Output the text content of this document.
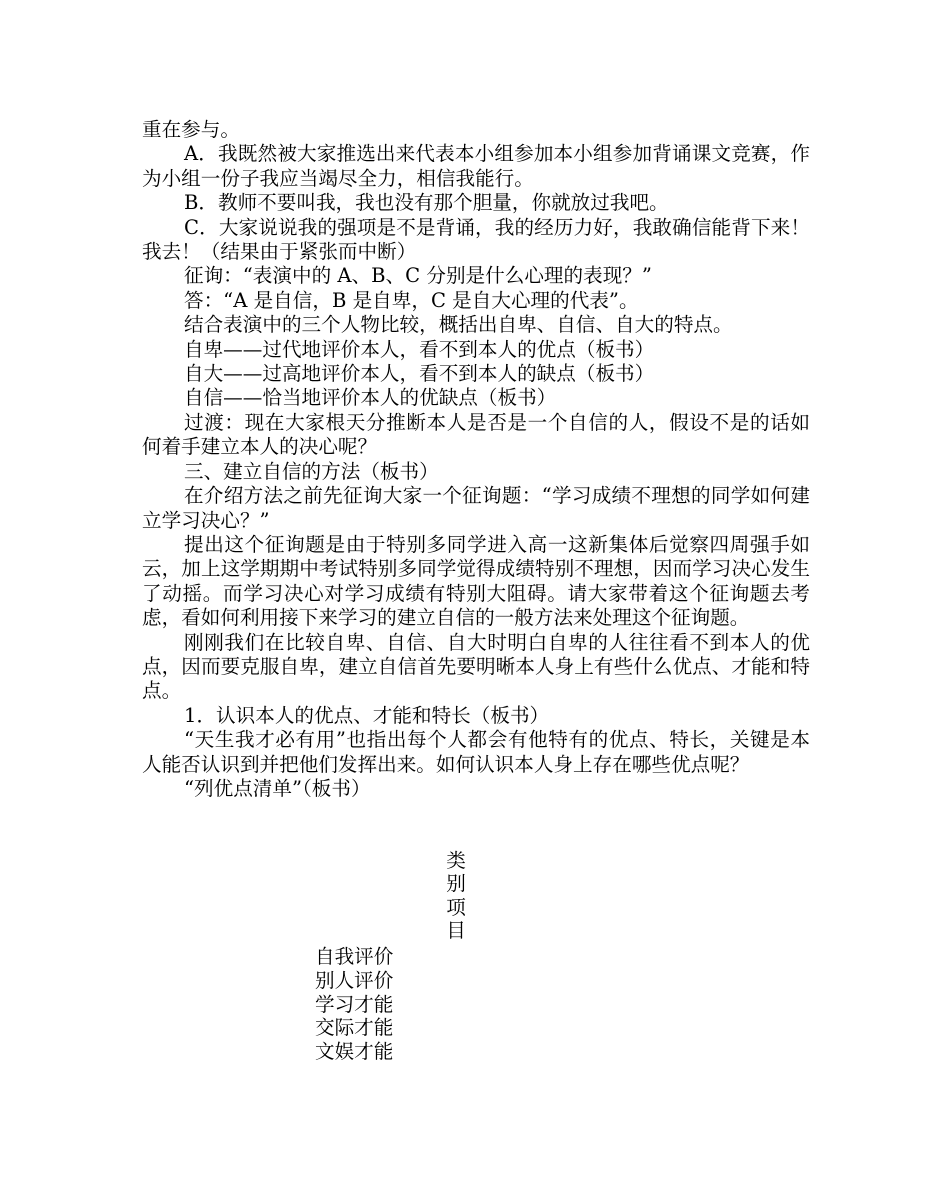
重在参与。

A．我既然被大家推选出来代表本小组参加本小组参加背诵课文竞赛，作为小组一份子我应当竭尽全力，相信我能行。

B．教师不要叫我，我也没有那个胆量，你就放过我吧。

C．大家说说我的强项是不是背诵，我的经历力好，我敢确信能背下来！我去！（结果由于紧张而中断）

征询：“表演中的 A、B、C 分别是什么心理的表现？”

答：“A 是自信，B 是自卑，C 是自大心理的代表”。

结合表演中的三个人物比较，概括出自卑、自信、自大的特点。

自卑——过代地评价本人，看不到本人的优点（板书）

自大——过高地评价本人，看不到本人的缺点（板书）

自信——恰当地评价本人的优缺点（板书）

过渡：现在大家根天分推断本人是否是一个自信的人，假设不是的话如何着手建立本人的决心呢？

三、建立自信的方法（板书）

在介绍方法之前先征询大家一个征询题：“学习成绩不理想的同学如何建立学习决心？”

提出这个征询题是由于特别多同学进入高一这新集体后觉察四周强手如云，加上这学期期中考试特别多同学觉得成绩特别不理想，因而学习决心发生了动摇。而学习决心对学习成绩有特别大阻碍。请大家带着这个征询题去考虑，看如何利用接下来学习的建立自信的一般方法来处理这个征询题。

刚刚我们在比较自卑、自信、自大时明白自卑的人往往看不到本人的优点，因而要克服自卑，建立自信首先要明晰本人身上有些什么优点、才能和特点。

1．认识本人的优点、才能和特长（板书）

“天生我才必有用”也指出每个人都会有他特有的优点、特长，关键是本人能否认识到并把他们发挥出来。如何认识本人身上存在哪些优点呢？

“列优点清单”（板书）

类
别
项
目
自我评价
别人评价
学习才能
交际才能
文娱才能
